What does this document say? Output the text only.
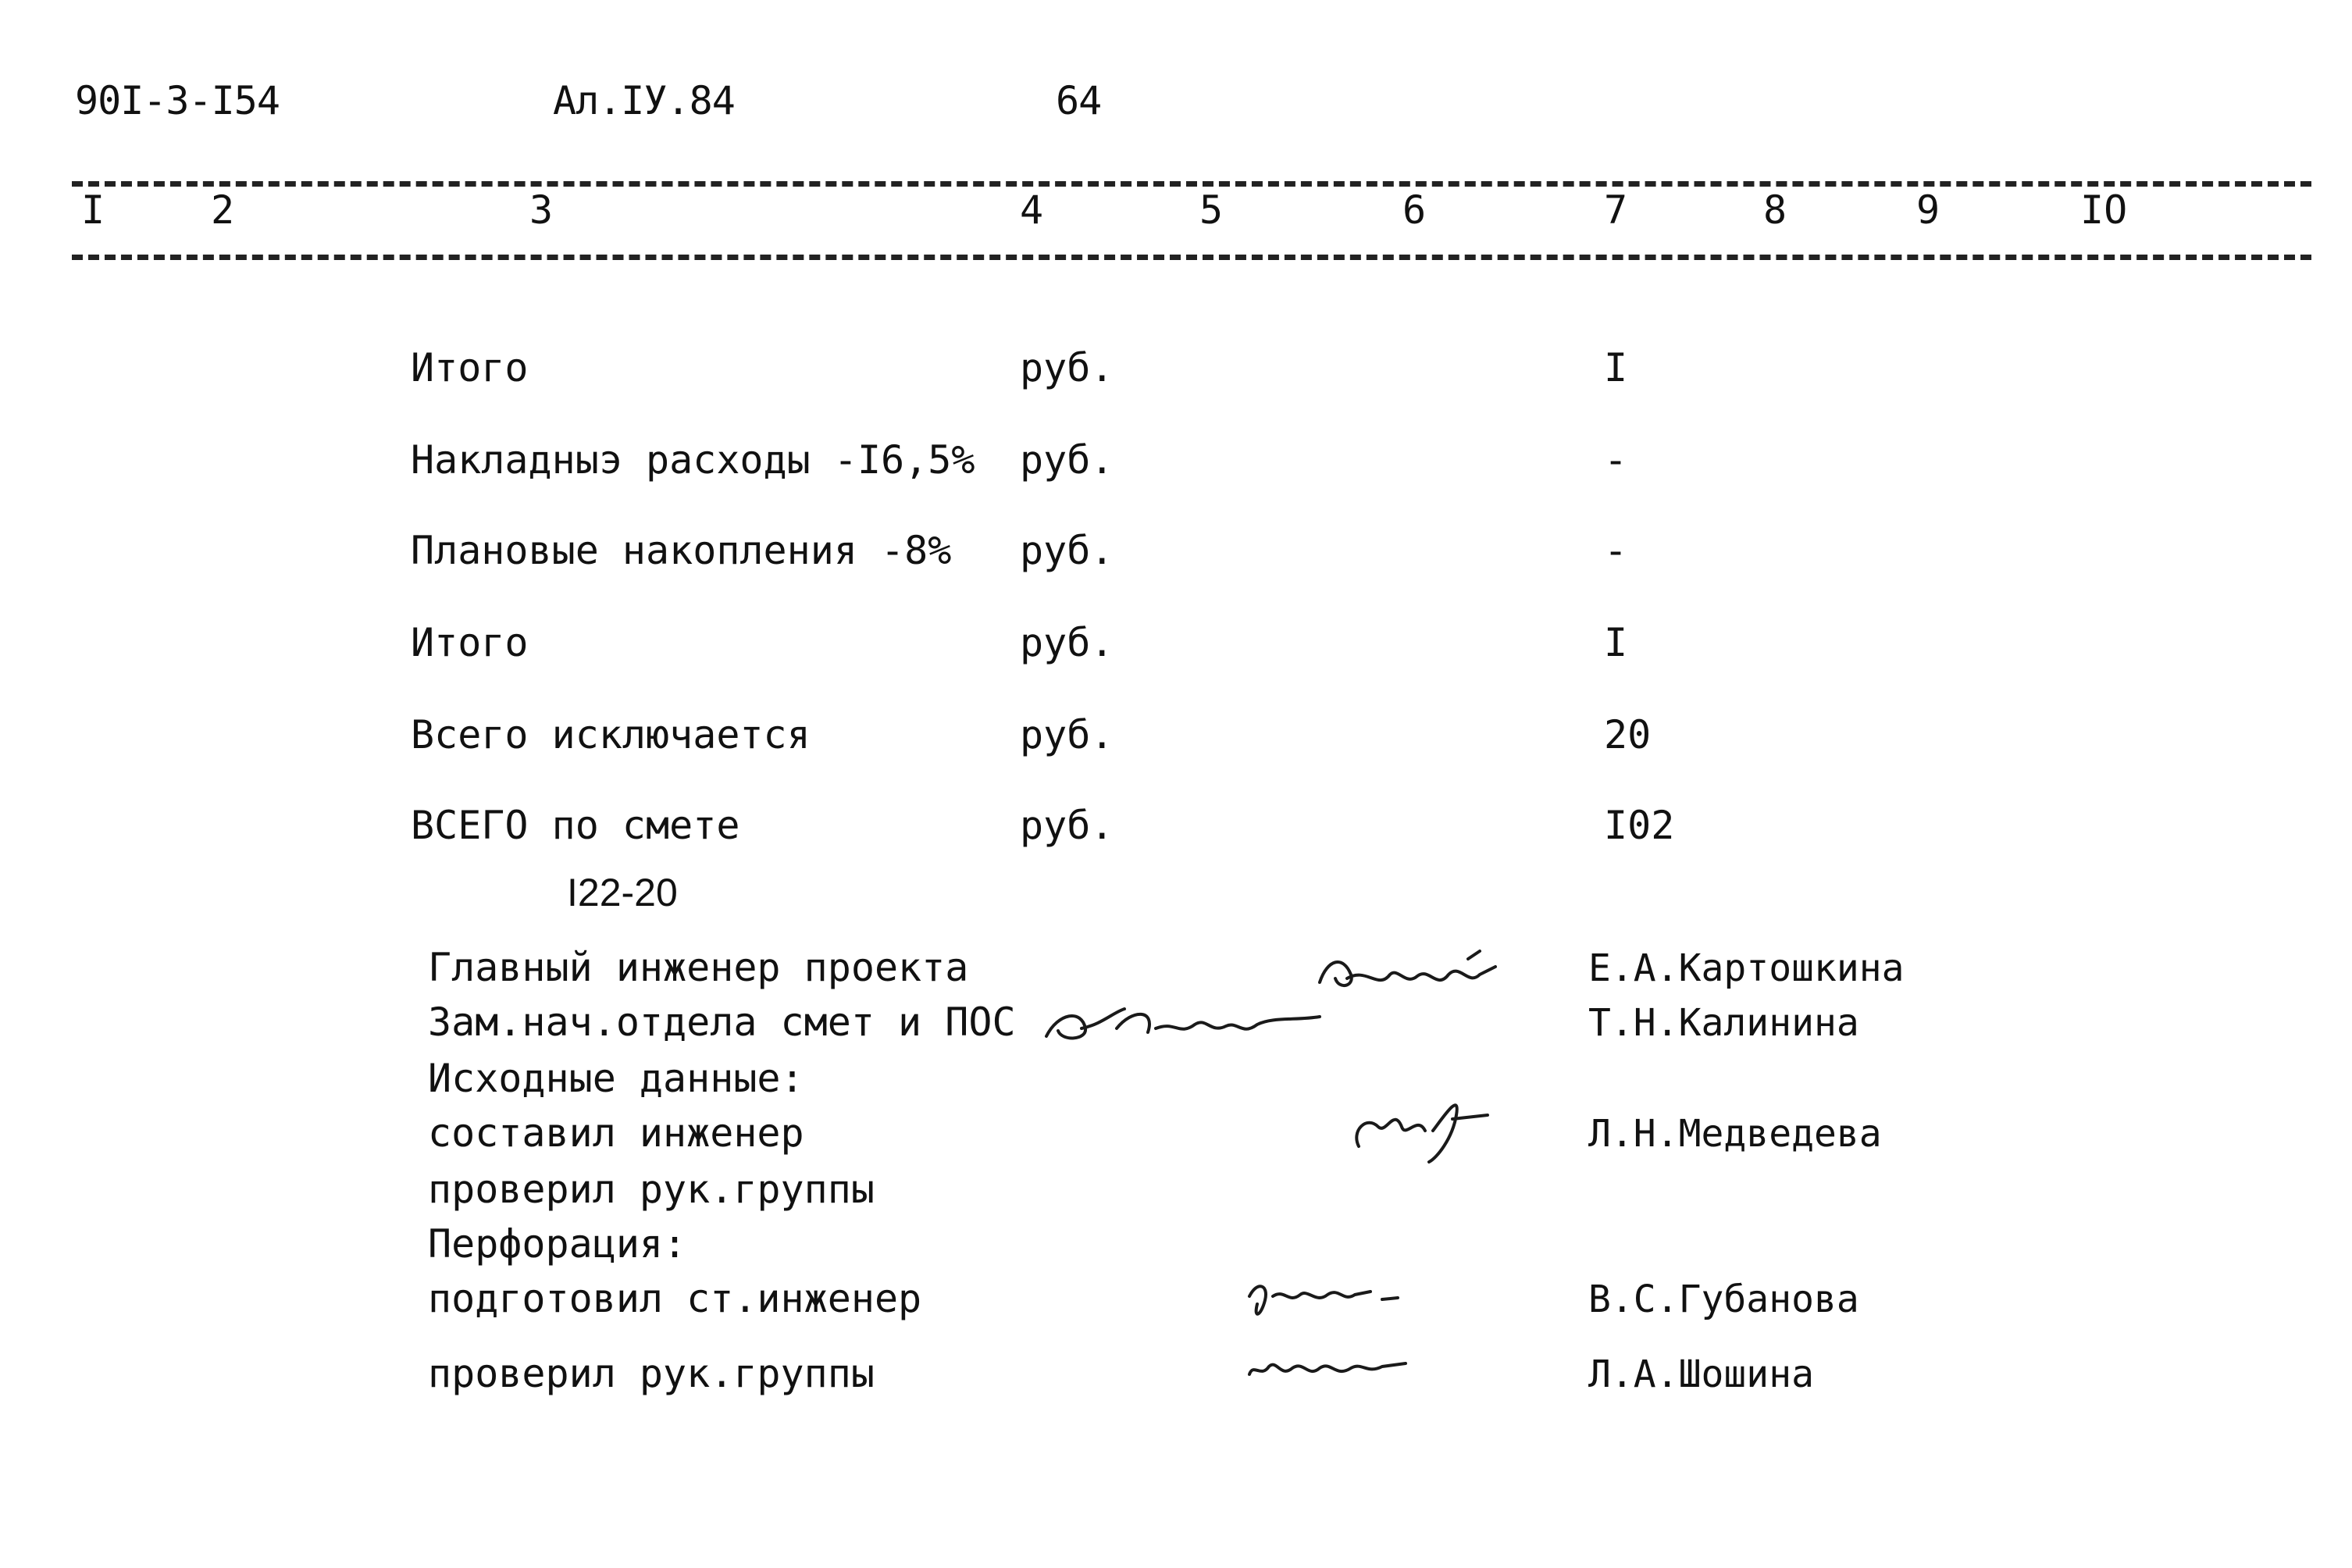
90I-3-I54	Ал.IУ.84	64
I	2	3	4	5	6	7	8	9	IO
Итого	руб.	I
Накладныэ расходы -I6,5% руб.	-
Плановые накопления -8% руб.	-
Итого	руб.	I
Всего исключается	руб.	20
ВСЕГО по смете	руб.	I02
I22-20
Главный инженер проекта	Е.А.Картошкина
Зам.нач.отдела смет и ПОС	Т.Н.Калинина
Исходные данные:
составил инженер	Л.Н.Медведева
проверил рук.группы
Перфорация:
подготовил ст.инженер	В.С.Губанова
проверил рук.группы	Л.А.Шошина
